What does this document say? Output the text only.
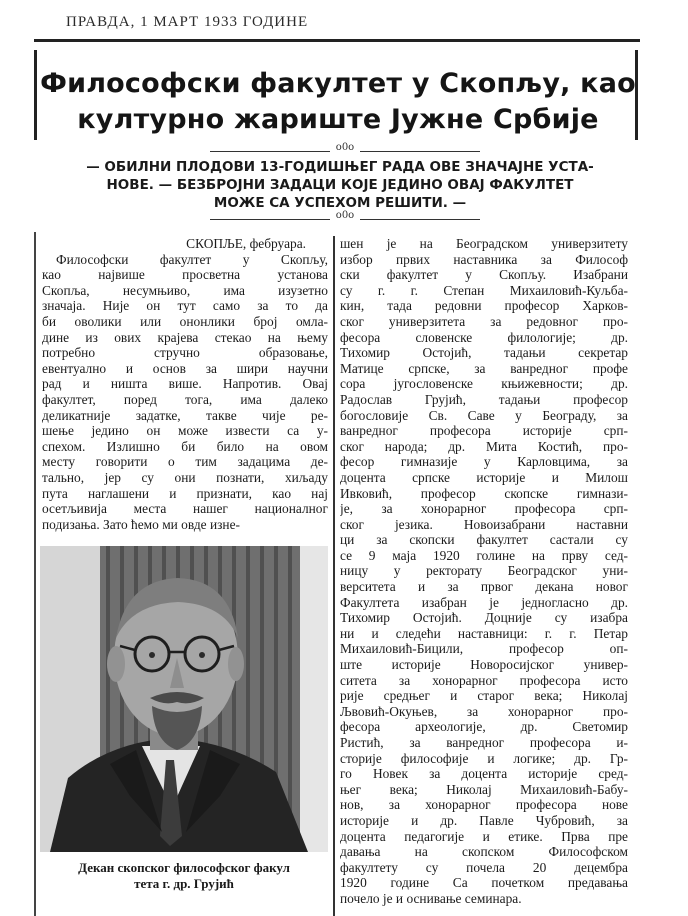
ПРАВДА, 1 МАРТ 1933 ГОДИНЕ
Философски факултет у Скопљу, као
културно жариште Јужне Србије
o0o
— ОБИЛНИ ПЛОДОВИ 13-ГОДИШЊЕГ РАДА ОВЕ ЗНАЧАЈНЕ УСТА-
НОВЕ. — БЕЗБРОЈНИ ЗАДАЦИ КОЈЕ ЈЕДИНО ОВАЈ ФАКУЛТЕТ
МОЖЕ СА УСПЕХОМ РЕШИТИ. —
o0o
СКОПЉЕ, фебруара.
Философски факултет у Скопљу,
као највише просветна установа
Скопља, несумњиво, има изузетно
значаја. Није он тут само за то да
би оволики или ононлики број омла-
дине из ових крајева стекао на њему
потребно стручно образовање,
евентуално и основ за шири научни
рад и ништа више. Напротив. Овај
факултет, поред тога, има далеко
деликатније задатке, такве чије ре-
шење једино он може извести са у-
спехом. Излишно би било на овом
месту говорити о тим задацима де-
тально, јер су они познати, хиљаду
пута наглашени и признати, као нај
осетљивија места нашег националног
подизања. Зато ћемо ми овде изне-
шен је на Београдском универзитету
избор првих наставника за Философ
ски факултет у Скопљу. Изабрани
су г. г. Степан Михаиловић-Куљба-
кин, тада редовни професор Харков-
ског универзитета за редовног про-
фесора словенске филологије; др.
Тихомир Остојић, тадањи секретар
Матице српске, за ванредног профе
сора југословенске књижевности; др.
Радослав Грујић, тадањи професор
богословије Св. Саве у Београду, за
ванредног професора историје срп-
ског народа; др. Мита Костић, про-
фесор гимназије у Карловцима, за
доцента српске историје и Милош
Ивковић, професор скопске гимнази-
је, за хонорарног професора срп-
ског језика. Новоизабрани наставни
ци за скопски факултет састали су
се 9 маја 1920 голине на прву сед-
ницу у ректорату Београдског уни-
верситета и за првог декана новог
Факултета изабран је једногласно др.
Тихомир Остојић. Доцније су изабра
ни и следећи наставници: г. г. Петар
Михаиловић-Бицили, професор оп-
ште историје Новоросијског универ-
ситета за хонорарног професора исто
рије средњег и старог века; Николај
Љвовић-Окуњев, за хонорарног про-
фесора археологије, др. Светомир
Ристић, за ванредног професора и-
сторије философије и логике; др. Гр-
го Новек за доцента историје сред-
њег века; Николај Михаиловић-Бабу-
нов, за хонорарног професора нове
историје и др. Павле Чубровић, за
доцента педагогије и етике. Прва пре
давања на скопском Философском
факултету су почела 20 децембра
1920 године Са почетком предавања
почело је и оснивање семинара.
Декан скопског философског факул
тета г. др. Грујић
